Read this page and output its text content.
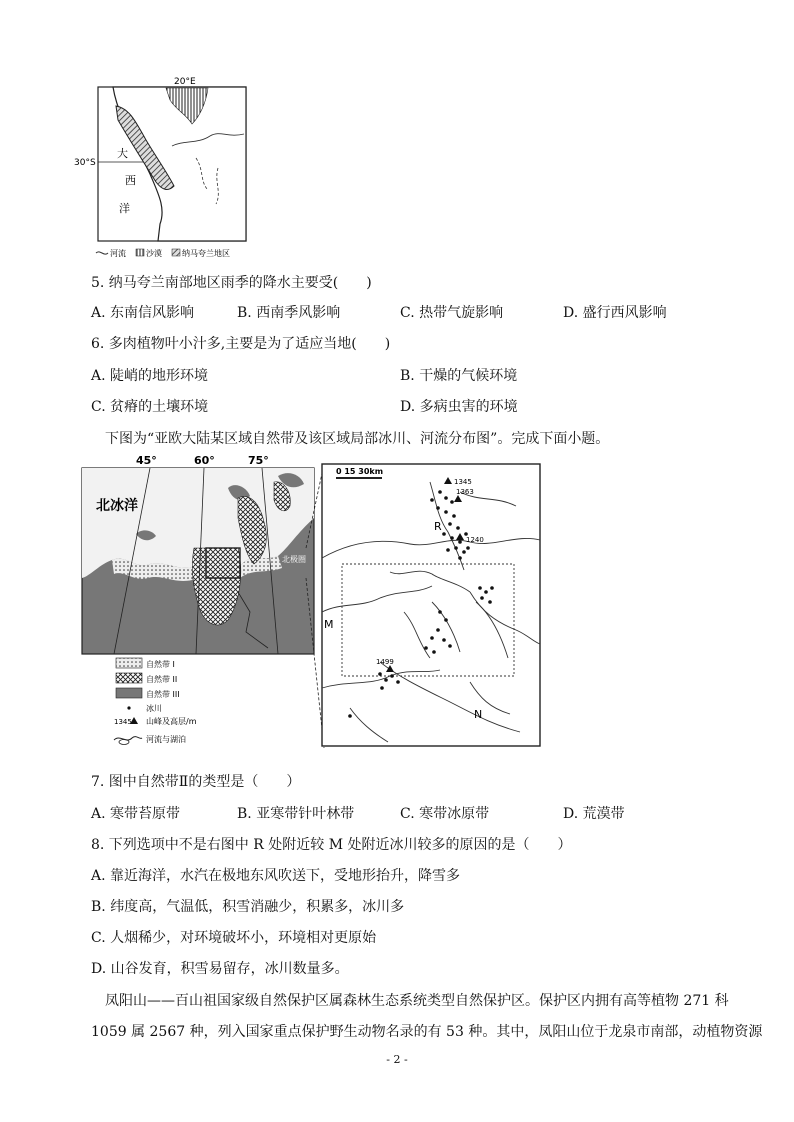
20°E
30°S
大
西
洋
河流	沙漠	纳马夸兰地区
5. 纳马夸兰南部地区雨季的降水主要受(　　)
A. 东南信风影响	B. 西南季风影响	C. 热带气旋影响	D. 盛行西风影响
6. 多肉植物叶小汁多,主要是为了适应当地(　　)
A. 陡峭的地形环境	B. 干燥的气候环境
C. 贫瘠的土壤环境	D. 多病虫害的环境
下图为“亚欧大陆某区域自然带及该区域局部冰川、河流分布图”。完成下面小题。
45°	60°	75°
北冰洋
北极圈
自然带 I
自然带 II
自然带 III
冰川
1345 山峰及高层/m
河流与湖泊
0 15 30km
1345
1363
1240
1499
R
M
N
7. 图中自然带Ⅱ的类型是（　　）
A. 寒带苔原带	B. 亚寒带针叶林带	C. 寒带冰原带	D. 荒漠带
8. 下列选项中不是右图中 R 处附近较 M 处附近冰川较多的原因的是（　　）
A. 靠近海洋，水汽在极地东风吹送下，受地形抬升，降雪多
B. 纬度高，气温低，积雪消融少，积累多，冰川多
C. 人烟稀少，对环境破坏小，环境相对更原始
D. 山谷发育，积雪易留存，冰川数量多。
凤阳山——百山祖国家级自然保护区属森林生态系统类型自然保护区。保护区内拥有高等植物 271 科
1059 属 2567 种，列入国家重点保护野生动物名录的有 53 种。其中，凤阳山位于龙泉市南部，动植物资源
- 2 -
